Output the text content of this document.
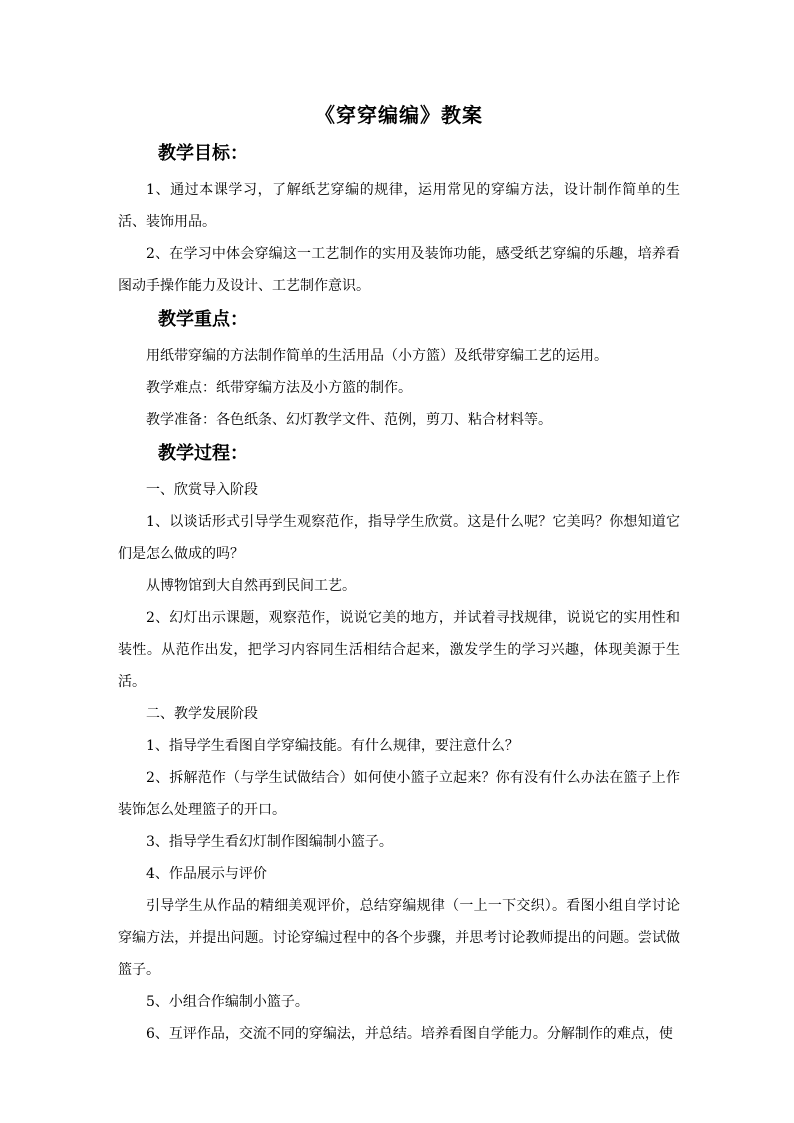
《穿穿编编》教案
教学目标：

1、通过本课学习，了解纸艺穿编的规律，运用常见的穿编方法，设计制作简单的生活、装饰用品。

2、在学习中体会穿编这一工艺制作的实用及装饰功能，感受纸艺穿编的乐趣，培养看图动手操作能力及设计、工艺制作意识。

教学重点：

用纸带穿编的方法制作简单的生活用品（小方篮）及纸带穿编工艺的运用。

教学难点：纸带穿编方法及小方篮的制作。

教学准备：各色纸条、幻灯教学文件、范例，剪刀、粘合材料等。

教学过程：

一、欣赏导入阶段

1、以谈话形式引导学生观察范作，指导学生欣赏。这是什么呢？它美吗？你想知道它们是怎么做成的吗？

从博物馆到大自然再到民间工艺。

2、幻灯出示课题，观察范作，说说它美的地方，并试着寻找规律，说说它的实用性和装性。从范作出发，把学习内容同生活相结合起来，激发学生的学习兴趣，体现美源于生活。

二、教学发展阶段

1、指导学生看图自学穿编技能。有什么规律，要注意什么？

2、拆解范作（与学生试做结合）如何使小篮子立起来？你有没有什么办法在篮子上作装饰怎么处理篮子的开口。

3、指导学生看幻灯制作图编制小篮子。

4、作品展示与评价

引导学生从作品的精细美观评价，总结穿编规律（一上一下交织）。看图小组自学讨论穿编方法，并提出问题。讨论穿编过程中的各个步骤，并思考讨论教师提出的问题。尝试做篮子。

5、小组合作编制小篮子。

6、互评作品，交流不同的穿编法，并总结。培养看图自学能力。分解制作的难点，使
